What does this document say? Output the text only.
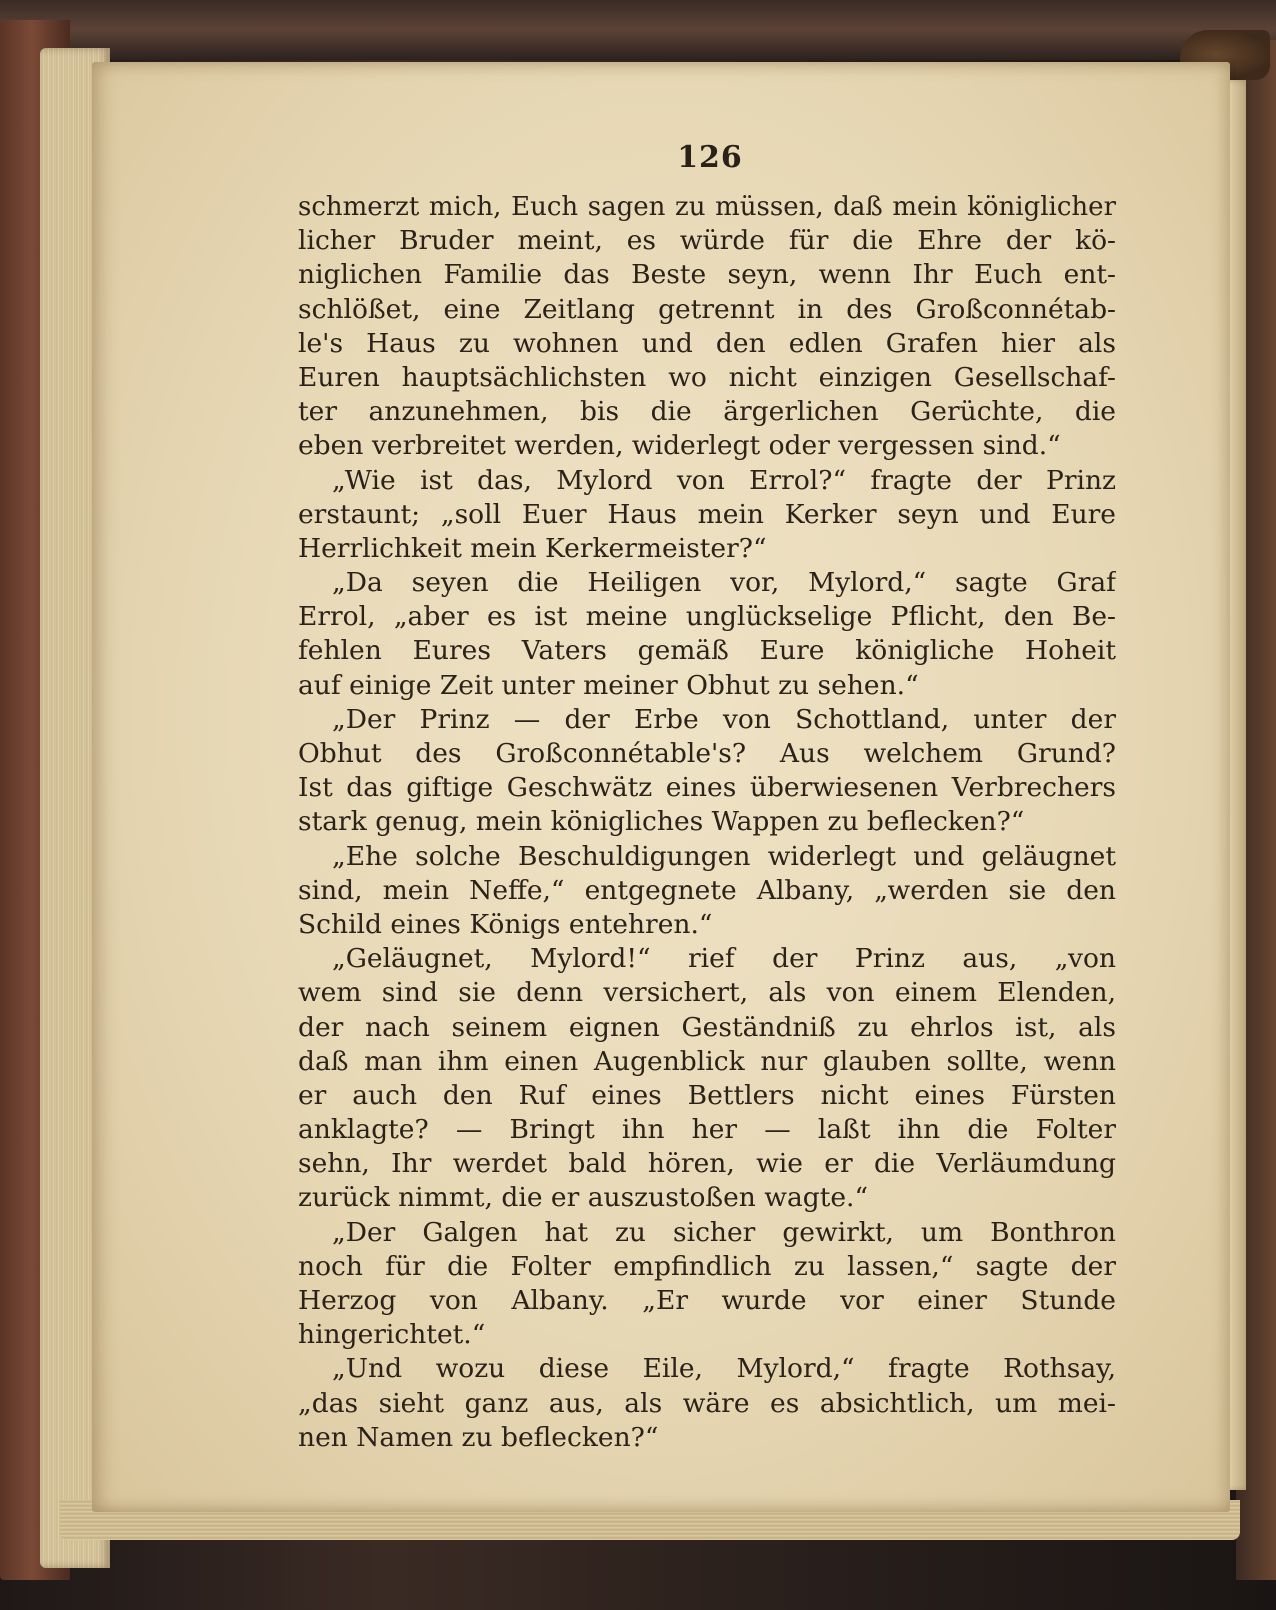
126
schmerzt mich, Euch sagen zu müssen, daß mein königlicher
licher Bruder meint, es würde für die Ehre der kö-
niglichen Familie das Beste seyn, wenn Ihr Euch ent-
schlößet, eine Zeitlang getrennt in des Großconnétab-
le's Haus zu wohnen und den edlen Grafen hier als
Euren hauptsächlichsten wo nicht einzigen Gesellschaf-
ter anzunehmen, bis die ärgerlichen Gerüchte, die
eben verbreitet werden, widerlegt oder vergessen sind.“
„Wie ist das, Mylord von Errol?“ fragte der Prinz
erstaunt; „soll Euer Haus mein Kerker seyn und Eure
Herrlichkeit mein Kerkermeister?“
„Da seyen die Heiligen vor, Mylord,“ sagte Graf
Errol, „aber es ist meine unglückselige Pflicht, den Be-
fehlen Eures Vaters gemäß Eure königliche Hoheit
auf einige Zeit unter meiner Obhut zu sehen.“
„Der Prinz — der Erbe von Schottland, unter der
Obhut des Großconnétable's? Aus welchem Grund?
Ist das giftige Geschwätz eines überwiesenen Verbrechers
stark genug, mein königliches Wappen zu beflecken?“
„Ehe solche Beschuldigungen widerlegt und geläugnet
sind, mein Neffe,“ entgegnete Albany, „werden sie den
Schild eines Königs entehren.“
„Geläugnet, Mylord!“ rief der Prinz aus, „von
wem sind sie denn versichert, als von einem Elenden,
der nach seinem eignen Geständniß zu ehrlos ist, als
daß man ihm einen Augenblick nur glauben sollte, wenn
er auch den Ruf eines Bettlers nicht eines Fürsten
anklagte? — Bringt ihn her — laßt ihn die Folter
sehn, Ihr werdet bald hören, wie er die Verläumdung
zurück nimmt, die er auszustoßen wagte.“
„Der Galgen hat zu sicher gewirkt, um Bonthron
noch für die Folter empfindlich zu lassen,“ sagte der
Herzog von Albany. „Er wurde vor einer Stunde
hingerichtet.“
„Und wozu diese Eile, Mylord,“ fragte Rothsay,
„das sieht ganz aus, als wäre es absichtlich, um mei-
nen Namen zu beflecken?“
